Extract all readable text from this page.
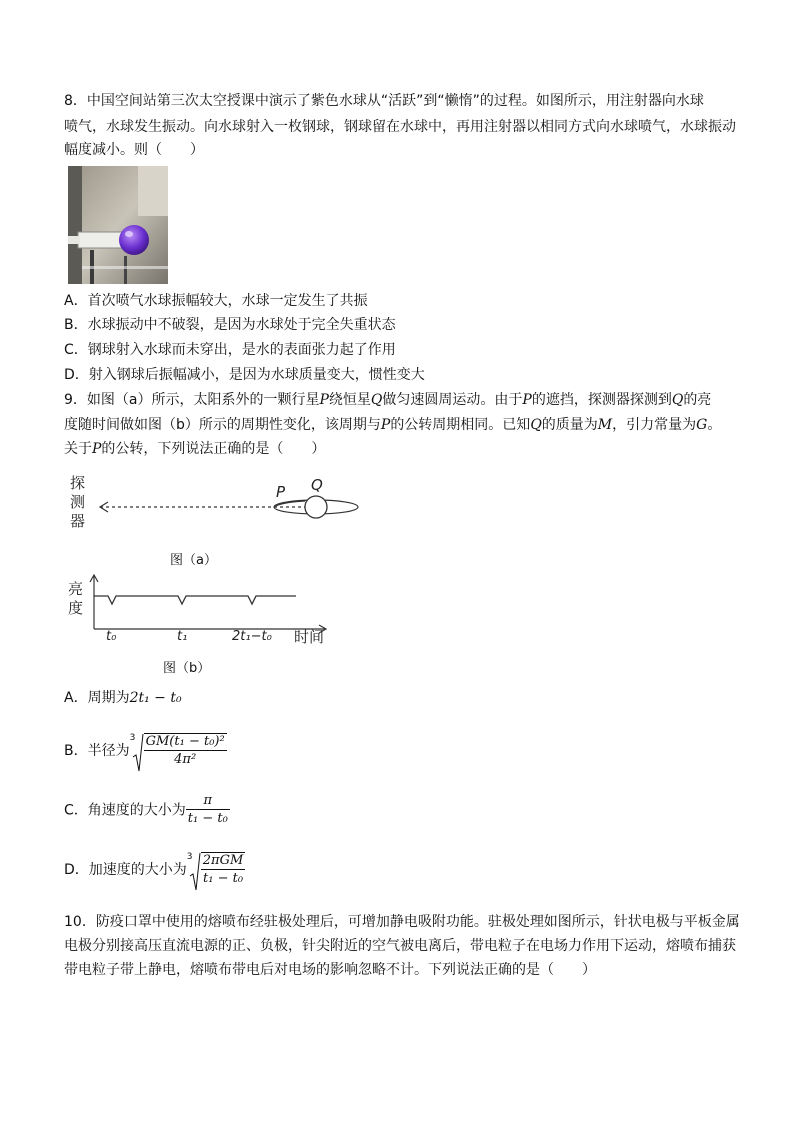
8．中国空间站第三次太空授课中演示了紫色水球从“活跃”到“懒惰”的过程。如图所示，用注射器向水球
喷气，水球发生振动。向水球射入一枚钢球，钢球留在水球中，再用注射器以相同方式向水球喷气，水球振动
幅度减小。则（　　）
A．首次喷气水球振幅较大，水球一定发生了共振
B．水球振动中不破裂，是因为水球处于完全失重状态
C．钢球射入水球而未穿出，是水的表面张力起了作用
D．射入钢球后振幅减小，是因为水球质量变大，惯性变大
9．如图（a）所示，太阳系外的一颗行星P绕恒星Q做匀速圆周运动。由于P的遮挡，探测器探测到Q的亮
度随时间做如图（b）所示的周期性变化，该周期与P的公转周期相同。已知Q的质量为M，引力常量为G。
关于P的公转，下列说法正确的是（　　）
探
测
器
P Q
图（a）
亮
度
t₀	t₁	2t₁−t₀ 时间
图（b）
A．周期为2t₁ − t₀
B．半径为
$3 \frac{\text{GM(t₁ − t₀)²}}{\text{4π²}}$
C．角速度的大小为 $\frac{\pi}{\text{t₁ − t₀}}$
D．加速度的大小为
$3 \frac{\text{2πGM}}{\text{t₁ − t₀}}$
10．防疫口罩中使用的熔喷布经驻极处理后，可增加静电吸附功能。驻极处理如图所示，针状电极与平板金属
电极分别接高压直流电源的正、负极，针尖附近的空气被电离后，带电粒子在电场力作用下运动，熔喷布捕获
带电粒子带上静电，熔喷布带电后对电场的影响忽略不计。下列说法正确的是（　　）
